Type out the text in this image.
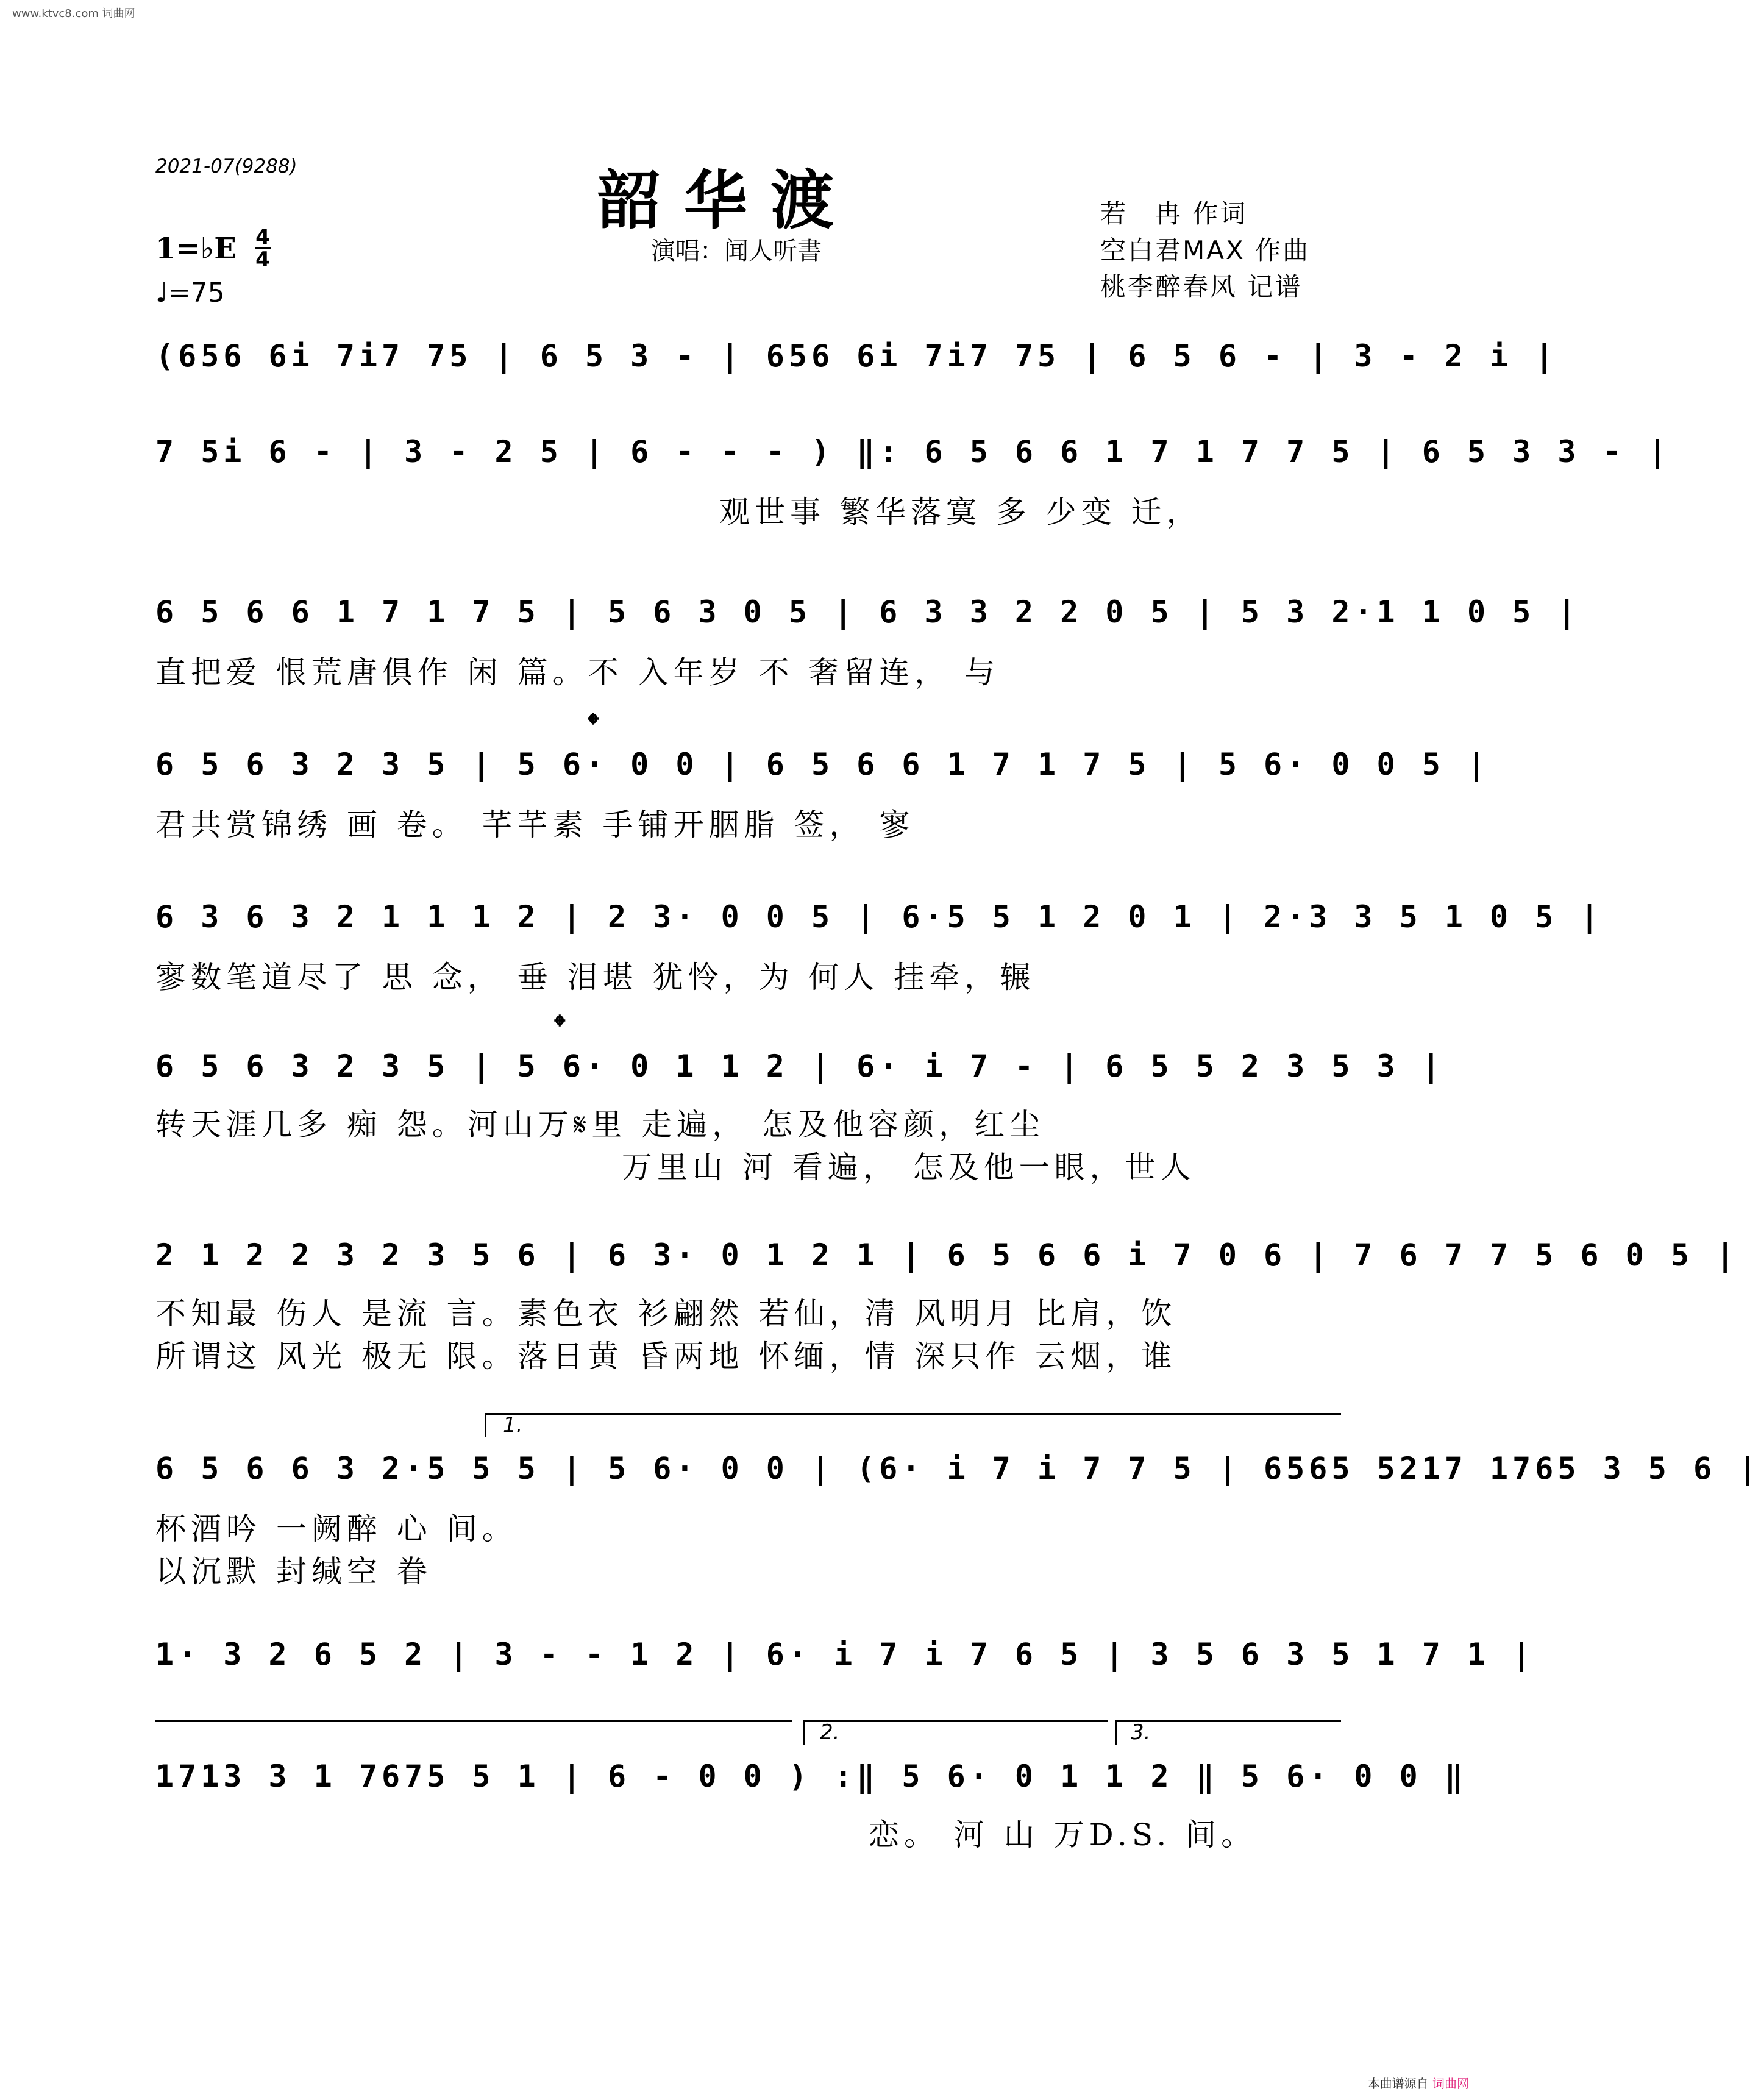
www.ktvc8.com 词曲网
2021-07(9288)	韶华渡
演唱：闻人听書
若　冉 作词
空白君MAX 作曲
桃李醉春风 记谱
1=♭E 4
4
♩=75
(656 6i 7i7 75 | 6 5 3 - | 656 6i 7i7 75 | 6 5 6 - | 3 - 2 i |
7 5i 6 - | 3 - 2 5 | 6 - - - ) ‖: 6 5 6 6 1 7 1 7 7 5 | 6 5 3 3 - |
观世事 繁华落寞 多 少变 迁，
6 5 6 6 1 7 1 7 5 | 5 6 3 0 5 | 6 3 3 2 2 0 5 | 5 3 2·1 1 0 5 |
直把爱 恨荒唐俱作 闲 篇。不 入年岁 不 奢留连， 与
𝄌
6 5 6 3 2 3 5 | 5 6· 0 0 | 6 5 6 6 1 7 1 7 5 | 5 6· 0 0 5 |
君共赏锦绣 画 卷。 芊芊素 手铺开胭脂 签， 寥
6 3 6 3 2 1 1 1 2 | 2 3· 0 0 5 | 6·5 5 1 2 0 1 | 2·3 3 5 1 0 5 |
寥数笔道尽了 思 念， 垂 泪堪 犹怜，为 何人 挂牵，辗
𝄌
6 5 6 3 2 3 5 | 5 6· 0 1 1 2 | 6· i 7 - | 6 5 5 2 3 5 3 |
转天涯几多 痴 怨。河山万𝄋里 走遍， 怎及他容颜，红尘
万里山 河 看遍， 怎及他一眼，世人
2 1 2 2 3 2 3 5 6 | 6 3· 0 1 2 1 | 6 5 6 6 i 7 0 6 | 7 6 7 7 5 6 0 5 |
不知最 伤人 是流 言。素色衣 衫翩然 若仙，清 风明月 比肩，饮
所谓这 风光 极无 限。落日黄 昏两地 怀缅，情 深只作 云烟，谁
1.
6 5 6 6 3 2·5 5 5 | 5 6· 0 0 | (6· i 7 i 7 7 5 | 6565 5217 1765 3 5 6 |
杯酒吟 一阙醉 心 间。
以沉默 封缄空 眷
1· 3 2 6 5 2 | 3 - - 1 2 | 6· i 7 i 7 6 5 | 3 5 6 3 5 1 7 1 |
2.	3.
1713 3 1 7675 5 1 | 6 - 0 0 ) :‖ 5 6· 0 1 1 2 ‖ 5 6· 0 0 ‖
恋。 河 山 万D.S. 间。
本曲谱源自 词曲网
